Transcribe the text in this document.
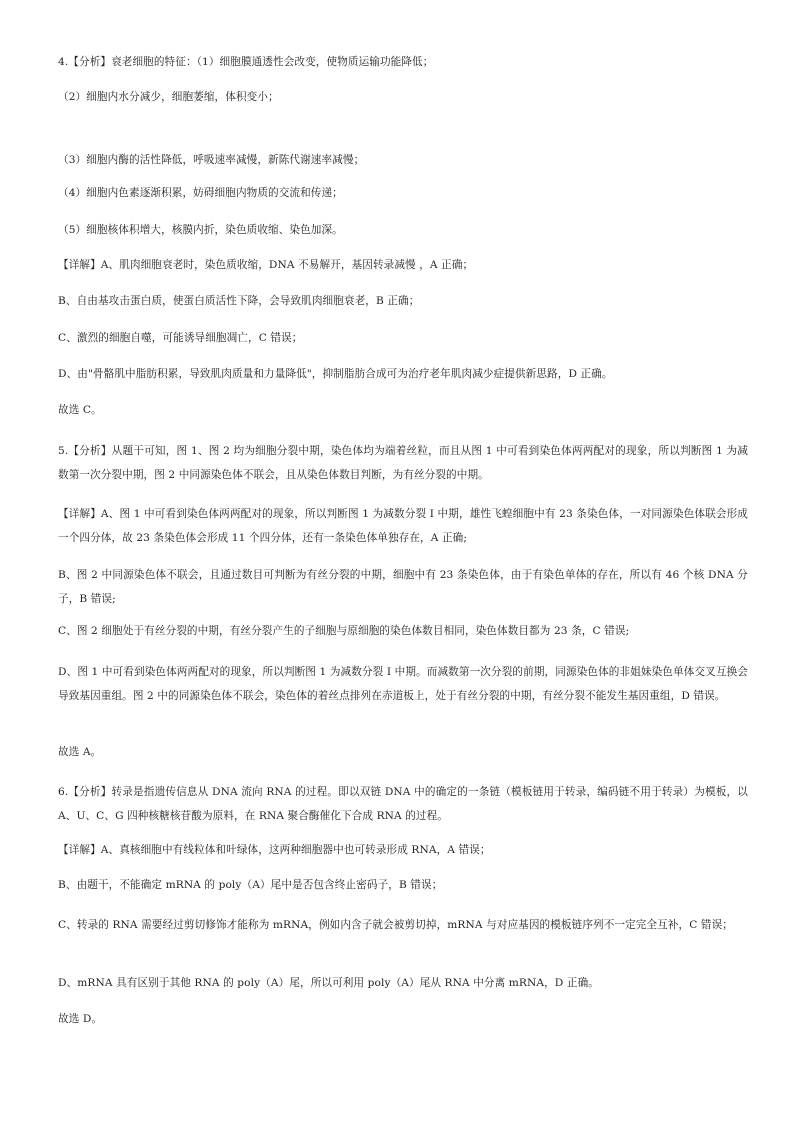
4.【分析】衰老细胞的特征：（1）细胞膜通透性会改变，使物质运输功能降低；
（2）细胞内水分减少，细胞萎缩，体积变小；
（3）细胞内酶的活性降低，呼吸速率减慢，新陈代谢速率减慢；
（4）细胞内色素逐渐积累，妨碍细胞内物质的交流和传递；
（5）细胞核体积增大，核膜内折，染色质收缩、染色加深。
【详解】A、肌肉细胞衰老时，染色质收缩，DNA 不易解开，基因转录减慢 ，A 正确；
B、自由基攻击蛋白质，使蛋白质活性下降，会导致肌肉细胞衰老，B 正确；
C、激烈的细胞自噬，可能诱导细胞凋亡，C 错误；
D、由"骨骼肌中脂肪积累，导致肌肉质量和力量降低"，抑制脂肪合成可为治疗老年肌肉减少症提供新思路，D 正确。
故选 C。
5.【分析】从题干可知，图 1、图 2 均为细胞分裂中期，染色体均为端着丝粒，而且从图 1 中可看到染色体两两配对的现象，所以判断图 1 为减数第一次分裂中期，图 2 中同源染色体不联会，且从染色体数目判断，为有丝分裂的中期。
【详解】A、图 1 中可看到染色体两两配对的现象，所以判断图 1 为减数分裂 I 中期，雄性飞蝗细胞中有 23 条染色体，一对同源染色体联会形成一个四分体，故 23 条染色体会形成 11 个四分体，还有一条染色体单独存在，A 正确;
B、图 2 中同源染色体不联会，且通过数目可判断为有丝分裂的中期，细胞中有 23 条染色体，由于有染色单体的存在，所以有 46 个核 DNA 分子，B 错误;
C、图 2 细胞处于有丝分裂的中期，有丝分裂产生的子细胞与原细胞的染色体数目相同，染色体数目都为 23 条，C 错误;
D、图 1 中可看到染色体两两配对的现象，所以判断图 1 为减数分裂 I 中期。而减数第一次分裂的前期，同源染色体的非姐妹染色单体交叉互换会导致基因重组。图 2 中的同源染色体不联会，染色体的着丝点排列在赤道板上，处于有丝分裂的中期，有丝分裂不能发生基因重组，D 错误。
故选 A。
6.【分析】转录是指遗传信息从 DNA 流向 RNA 的过程。即以双链 DNA 中的确定的一条链（模板链用于转录，编码链不用于转录）为模板，以 A、U、C、G 四种核糖核苷酸为原料，在 RNA 聚合酶催化下合成 RNA 的过程。
【详解】A、真核细胞中有线粒体和叶绿体，这两种细胞器中也可转录形成 RNA，A 错误；
B、由题干，不能确定 mRNA 的 poly（A）尾中是否包含终止密码子，B 错误；
C、转录的 RNA 需要经过剪切修饰才能称为 mRNA，例如内含子就会被剪切掉，mRNA 与对应基因的模板链序列不一定完全互补，C 错误；
D、mRNA 具有区别于其他 RNA 的 poly（A）尾，所以可利用 poly（A）尾从 RNA 中分离 mRNA，D 正确。
故选 D。
